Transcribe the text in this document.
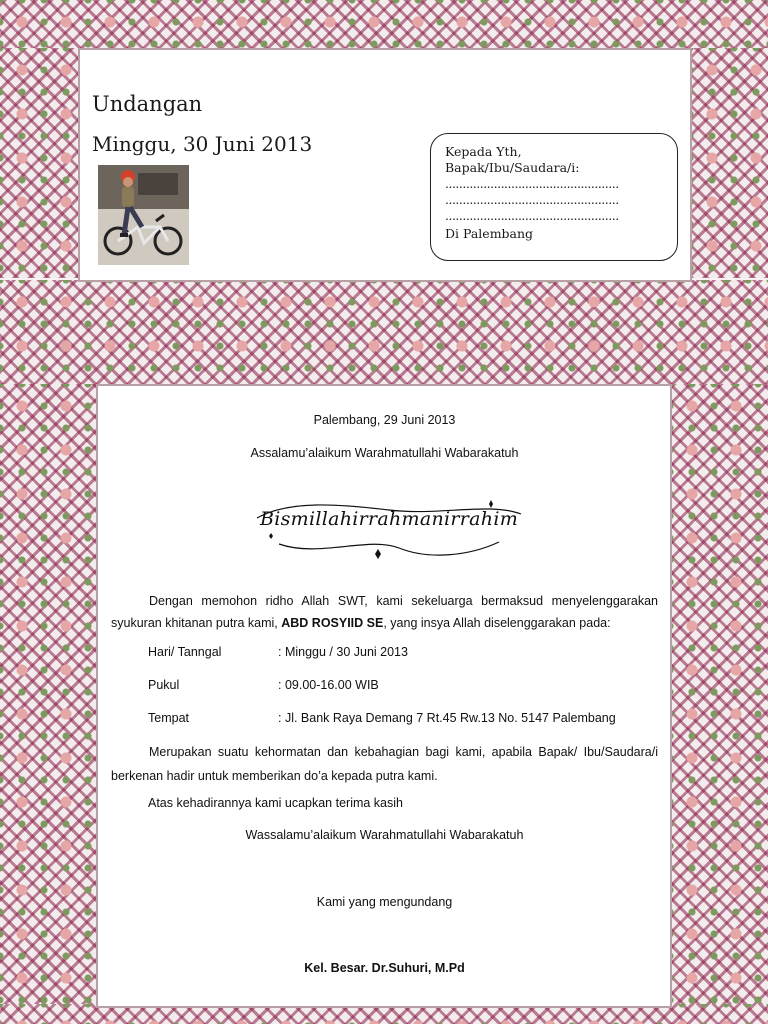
Undangan
Minggu, 30 Juni 2013	Kepada Yth,
Bapak/Ibu/Saudara/i:
..................................................
..................................................
..................................................
Di Palembang
Palembang, 29 Juni 2013
Assalamu’alaikum Warahmatullahi Wabarakatuh
Bismillahirrahmanirrahim
Dengan memohon ridho Allah SWT, kami sekeluarga bermaksud menyelenggarakan syukuran khitanan putra kami, ABD ROSYIID SE, yang insya Allah diselenggarakan pada:
Hari/ Tanngal	: Minggu / 30 Juni 2013
Pukul	: 09.00-16.00 WIB
Tempat	: Jl. Bank Raya Demang 7 Rt.45 Rw.13 No. 5147 Palembang
Merupakan suatu kehormatan dan kebahagian bagi kami, apabila Bapak/ Ibu/Saudara/i berkenan hadir untuk memberikan do’a kepada putra kami.
Atas kehadirannya kami ucapkan terima kasih
Wassalamu’alaikum Warahmatullahi Wabarakatuh
Kami yang mengundang
Kel. Besar. Dr.Suhuri, M.Pd
